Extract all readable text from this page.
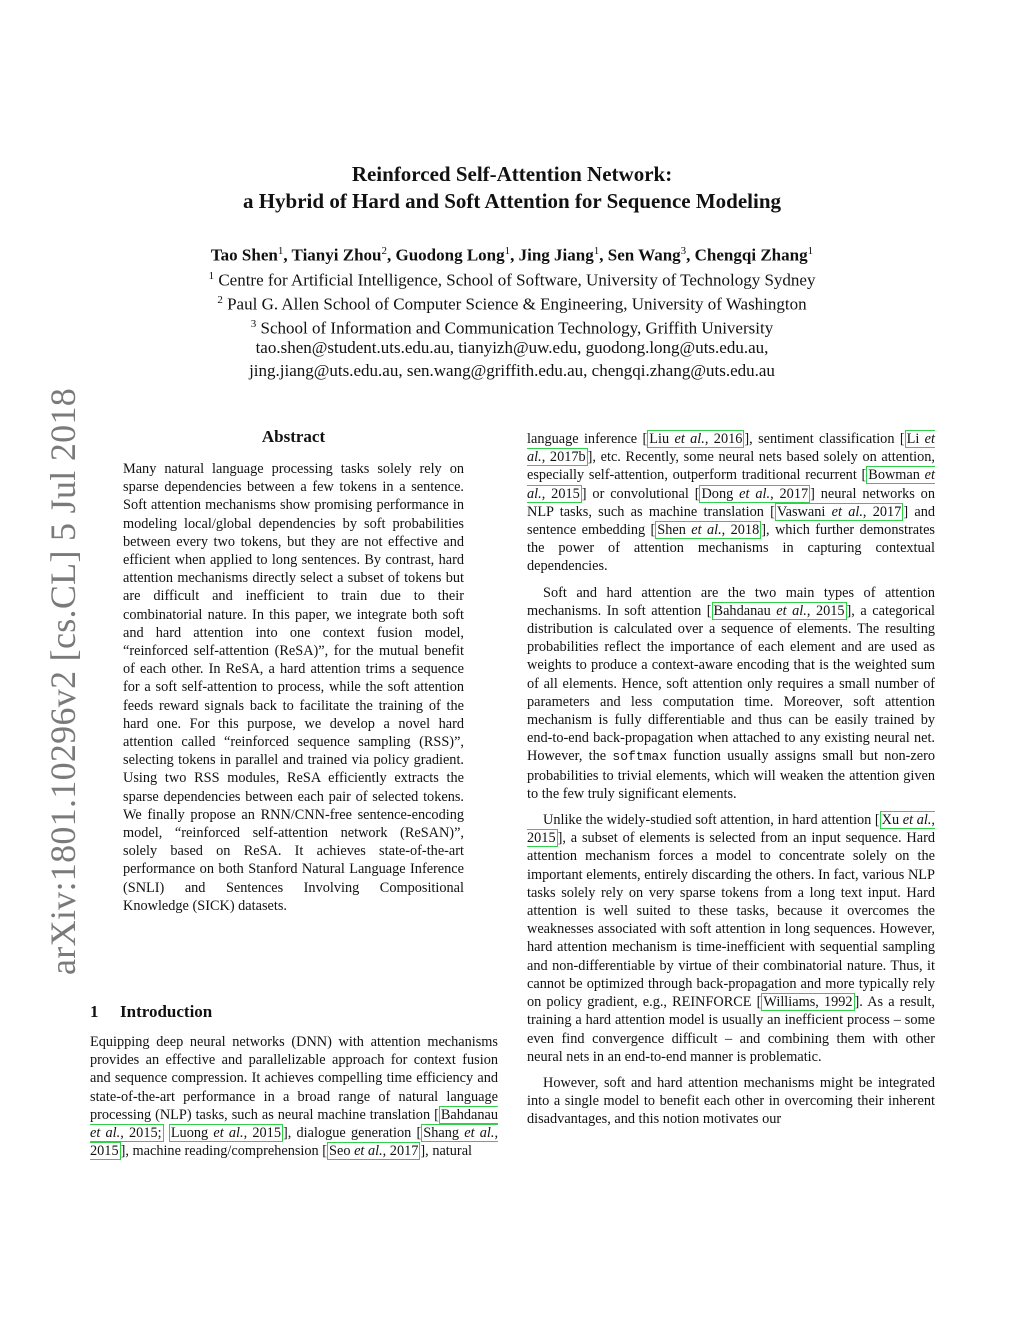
arXiv:1801.10296v2 [cs.CL] 5 Jul 2018
Reinforced Self-Attention Network:
a Hybrid of Hard and Soft Attention for Sequence Modeling
Tao Shen$^1$, Tianyi Zhou$^2$, Guodong Long$^1$, Jing Jiang$^1$, Sen Wang$^3$, Chengqi Zhang$^1$
$^1$ Centre for Artificial Intelligence, School of Software, University of Technology Sydney
$^2$ Paul G. Allen School of Computer Science & Engineering, University of Washington
$^3$ School of Information and Communication Technology, Griffith University
tao.shen@student.uts.edu.au, tianyizh@uw.edu, guodong.long@uts.edu.au,
jing.jiang@uts.edu.au, sen.wang@griffith.edu.au, chengqi.zhang@uts.edu.au
Abstract
Many natural language processing tasks solely rely on sparse dependencies between a few tokens in a sentence. Soft attention mechanisms show promising performance in modeling local/global dependencies by soft probabilities between every two tokens, but they are not effective and efficient when applied to long sentences. By contrast, hard attention mechanisms directly select a subset of tokens but are difficult and inefficient to train due to their combinatorial nature. In this paper, we integrate both soft and hard attention into one context fusion model, “reinforced self-attention (ReSA)”, for the mutual benefit of each other. In ReSA, a hard attention trims a sequence for a soft self-attention to process, while the soft attention feeds reward signals back to facilitate the training of the hard one. For this purpose, we develop a novel hard attention called “reinforced sequence sampling (RSS)”, selecting tokens in parallel and trained via policy gradient. Using two RSS modules, ReSA efficiently extracts the sparse dependencies between each pair of selected tokens. We finally propose an RNN/CNN-free sentence-encoding model, “reinforced self-attention network (ReSAN)”, solely based on ReSA. It achieves state-of-the-art performance on both Stanford Natural Language Inference (SNLI) and Sentences Involving Compositional Knowledge (SICK) datasets.
1 Introduction

Equipping deep neural networks (DNN) with attention mechanisms provides an effective and parallelizable approach for context fusion and sequence compression. It achieves compelling time efficiency and state-of-the-art performance in a broad range of natural language processing (NLP) tasks, such as neural machine translation [ Bahdanau et al., 2015; Luong et al., 2015 ], dialogue generation [ Shang et al., 2015 ], machine reading/comprehension [ Seo et al., 2017 ], natural

language inference [ Liu et al., 2016 ], sentiment classification [ Li et al., 2017b ], etc. Recently, some neural nets based solely on attention, especially self-attention, outperform traditional recurrent [ Bowman et al., 2015 ] or convolutional [ Dong et al., 2017 ] neural networks on NLP tasks, such as machine translation [ Vaswani et al., 2017 ] and sentence embedding [ Shen et al., 2018 ], which further demonstrates the power of attention mechanisms in capturing contextual dependencies.

Soft and hard attention are the two main types of attention mechanisms. In soft attention [ Bahdanau et al., 2015 ], a categorical distribution is calculated over a sequence of elements. The resulting probabilities reflect the importance of each element and are used as weights to produce a context-aware encoding that is the weighted sum of all elements. Hence, soft attention only requires a small number of parameters and less computation time. Moreover, soft attention mechanism is fully differentiable and thus can be easily trained by end-to-end back-propagation when attached to any existing neural net. However, the softmax function usually assigns small but non-zero probabilities to trivial elements, which will weaken the attention given to the few truly significant elements.

Unlike the widely-studied soft attention, in hard attention [ Xu et al., 2015 ], a subset of elements is selected from an input sequence. Hard attention mechanism forces a model to concentrate solely on the important elements, entirely discarding the others. In fact, various NLP tasks solely rely on very sparse tokens from a long text input. Hard attention is well suited to these tasks, because it overcomes the weaknesses associated with soft attention in long sequences. However, hard attention mechanism is time-inefficient with sequential sampling and non-differentiable by virtue of their combinatorial nature. Thus, it cannot be optimized through back-propagation and more typically rely on policy gradient, e.g., REINFORCE [ Williams, 1992 ]. As a result, training a hard attention model is usually an inefficient process – some even find convergence difficult – and combining them with other neural nets in an end-to-end manner is problematic.

However, soft and hard attention mechanisms might be integrated into a single model to benefit each other in overcoming their inherent disadvantages, and this notion motivates our
